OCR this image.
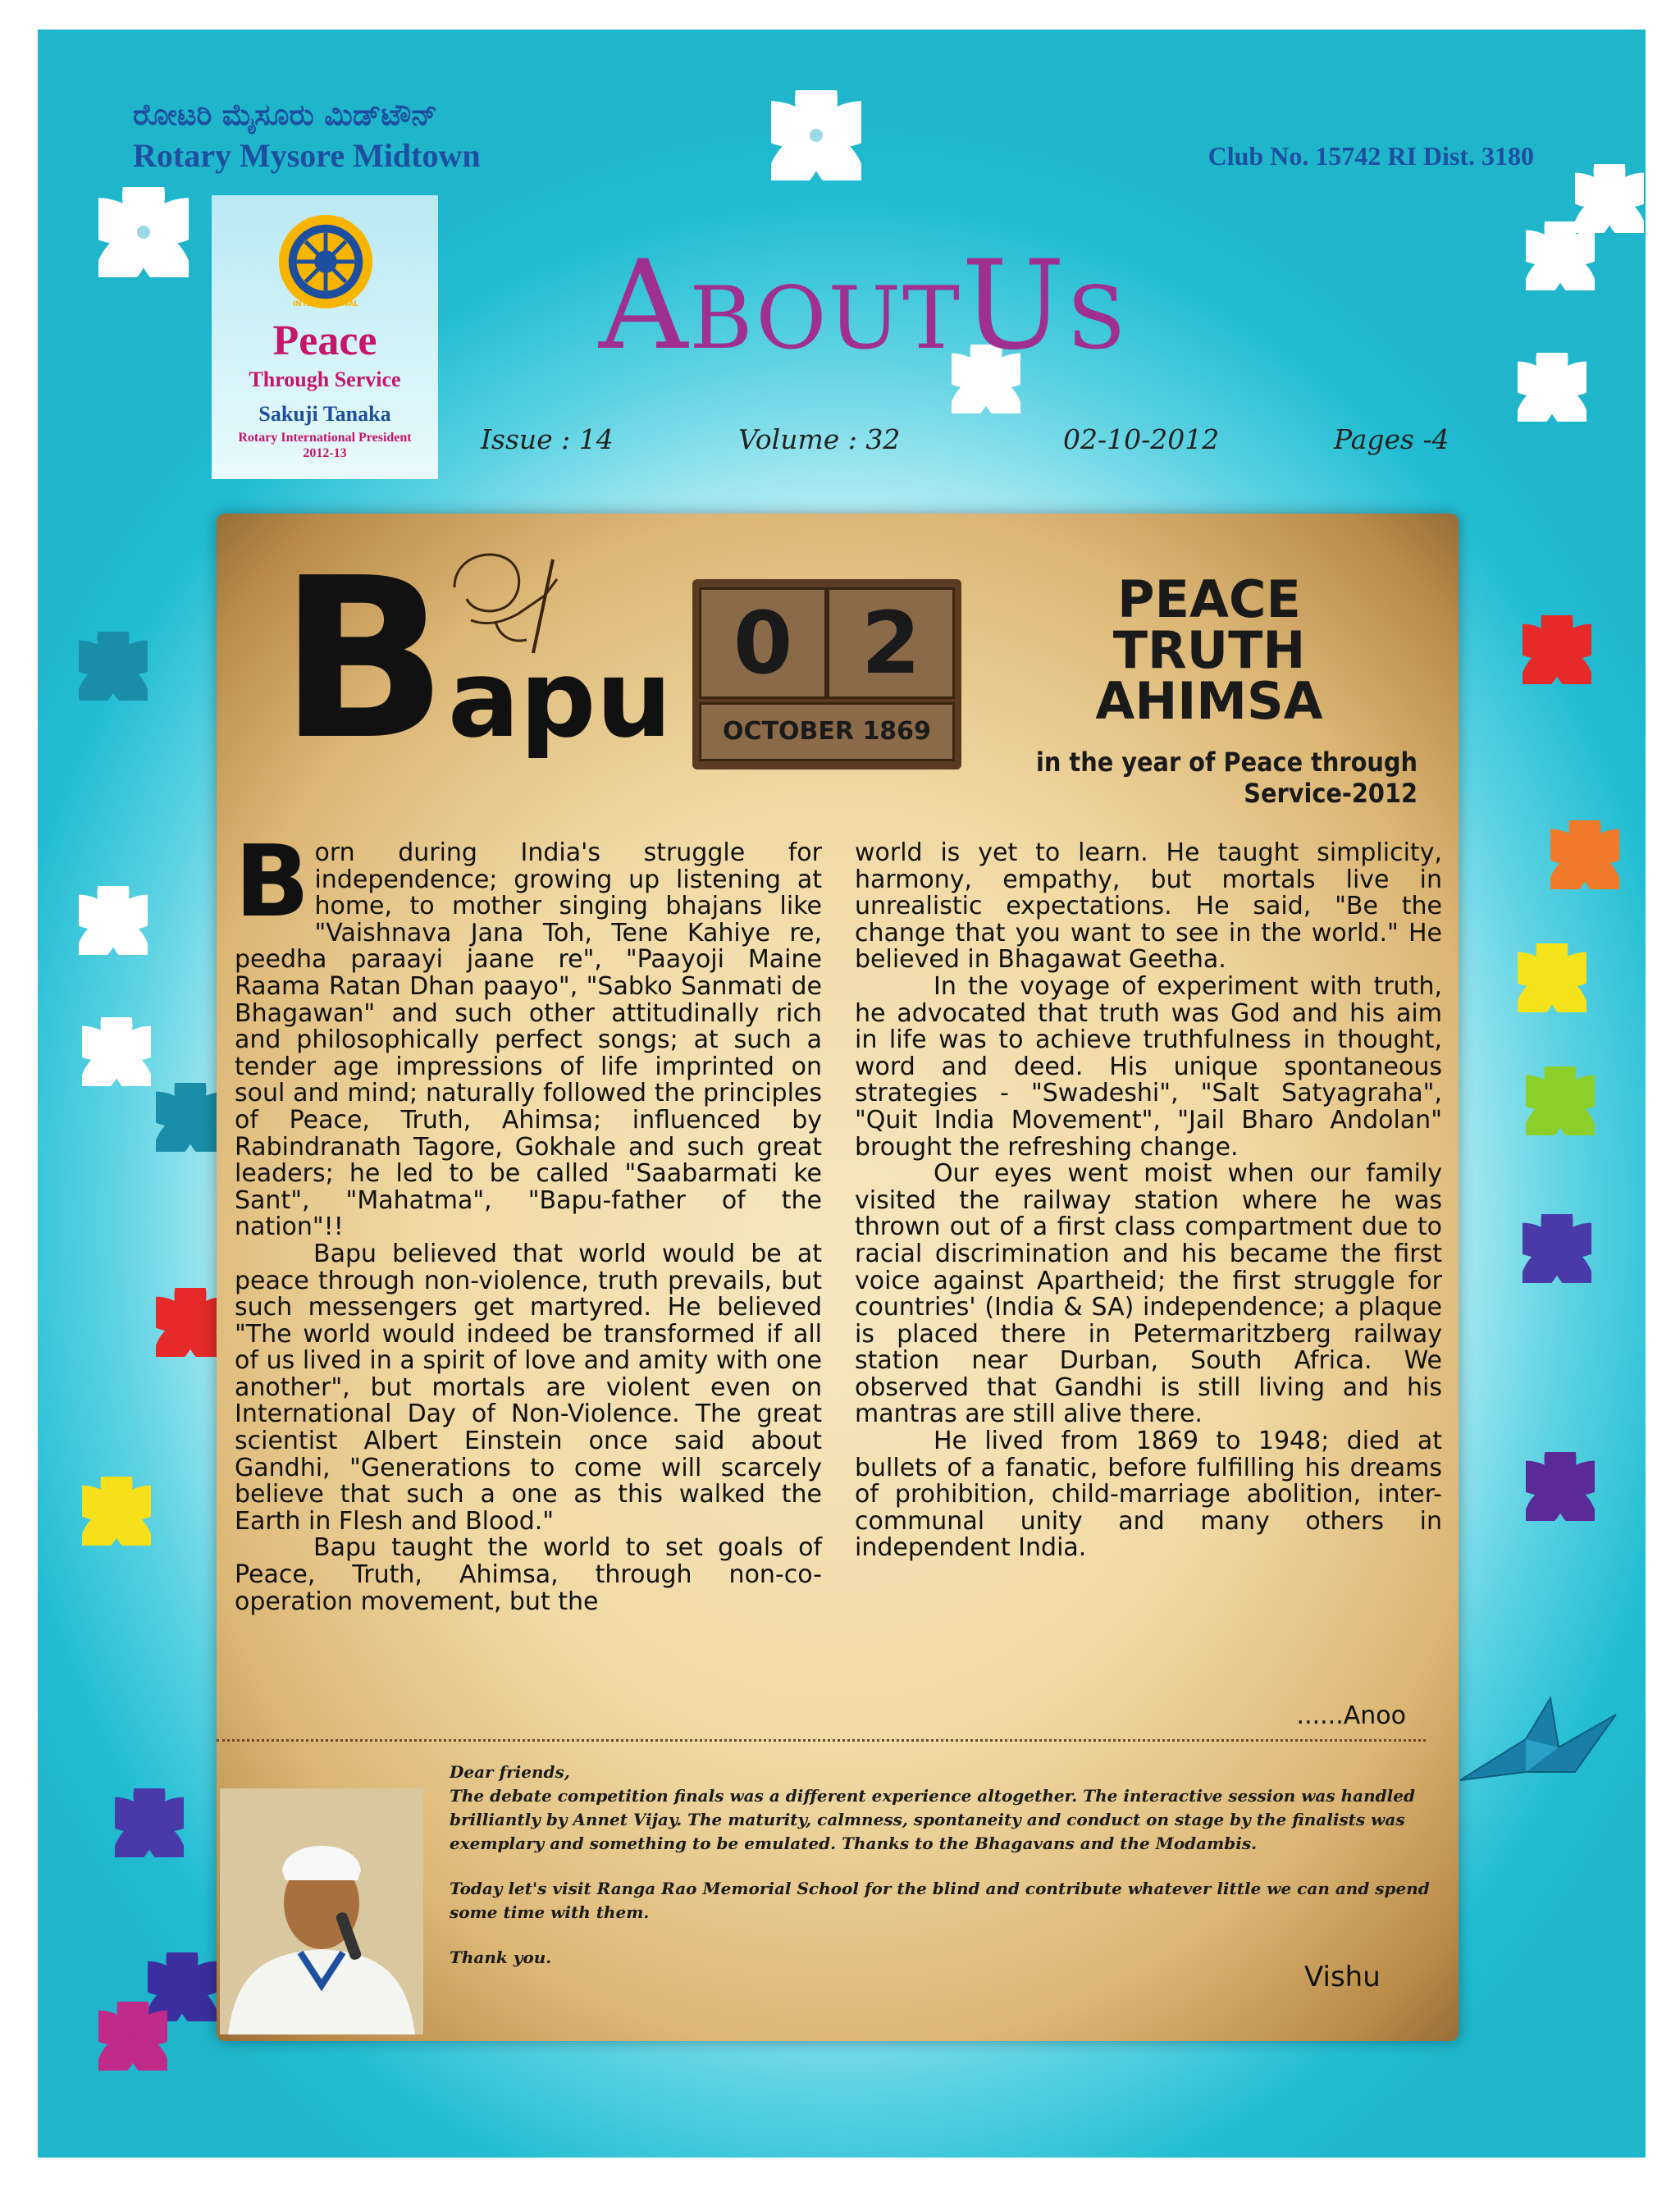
ರೋಟರಿ ಮೈಸೂರು ಮಿಡ್‌ಟೌನ್
Rotary Mysore Midtown	Club No. 15742 RI Dist. 3180
ROTARY
INTERNATIONAL
Peace
Through Service
Sakuji Tanaka
Rotary International President
2012-13
AboutUs
Issue : 14	Volume : 32	02-10-2012	Pages -4
Bapu 0 2
OCTOBER 1869
PEACE
TRUTH
AHIMSA
in the year of Peace through Service-2012

Born during India's struggle for independence; growing up listening at home, to mother singing bhajans like "Vaishnava Jana Toh, Tene Kahiye re, peedha paraayi jaane re", "Paayoji Maine Raama Ratan Dhan paayo", "Sabko Sanmati de Bhagawan" and such other attitudinally rich and philosophically perfect songs; at such a tender age impressions of life imprinted on soul and mind; naturally followed the principles of Peace, Truth, Ahimsa; influenced by Rabindranath Tagore, Gokhale and such great leaders; he led to be called "Saabarmati ke Sant", "Mahatma", "Bapu-father of the nation"!!

Bapu believed that world would be at peace through non-violence, truth prevails, but such messengers get martyred. He believed "The world would indeed be transformed if all of us lived in a spirit of love and amity with one another", but mortals are violent even on International Day of Non-Violence. The great scientist Albert Einstein once said about Gandhi, "Generations to come will scarcely believe that such a one as this walked the Earth in Flesh and Blood."

Bapu taught the world to set goals of Peace, Truth, Ahimsa, through non-co-operation movement, but the

world is yet to learn. He taught simplicity, harmony, empathy, but mortals live in unrealistic expectations. He said, "Be the change that you want to see in the world." He believed in Bhagawat Geetha.

In the voyage of experiment with truth, he advocated that truth was God and his aim in life was to achieve truthfulness in thought, word and deed. His unique spontaneous strategies - "Swadeshi", "Salt Satyagraha", "Quit India Movement", "Jail Bharo Andolan" brought the refreshing change.

Our eyes went moist when our family visited the railway station where he was thrown out of a first class compartment due to racial discrimination and his became the first voice against Apartheid; the first struggle for countries' (India & SA) independence; a plaque is placed there in Petermaritzberg railway station near Durban, South Africa. We observed that Gandhi is still living and his mantras are still alive there.

He lived from 1869 to 1948; died at bullets of a fanatic, before fulfilling his dreams of prohibition, child-marriage abolition, inter-communal unity and many others in independent India.

......Anoo

Dear friends,

The debate competition finals was a different experience altogether. The interactive session was handled brilliantly by Annet Vijay. The maturity, calmness, spontaneity and conduct on stage by the finalists was exemplary and something to be emulated. Thanks to the Bhagavans and the Modambis.

Today let's visit Ranga Rao Memorial School for the blind and contribute whatever little we can and spend some time with them.

Thank you.

Vishu
